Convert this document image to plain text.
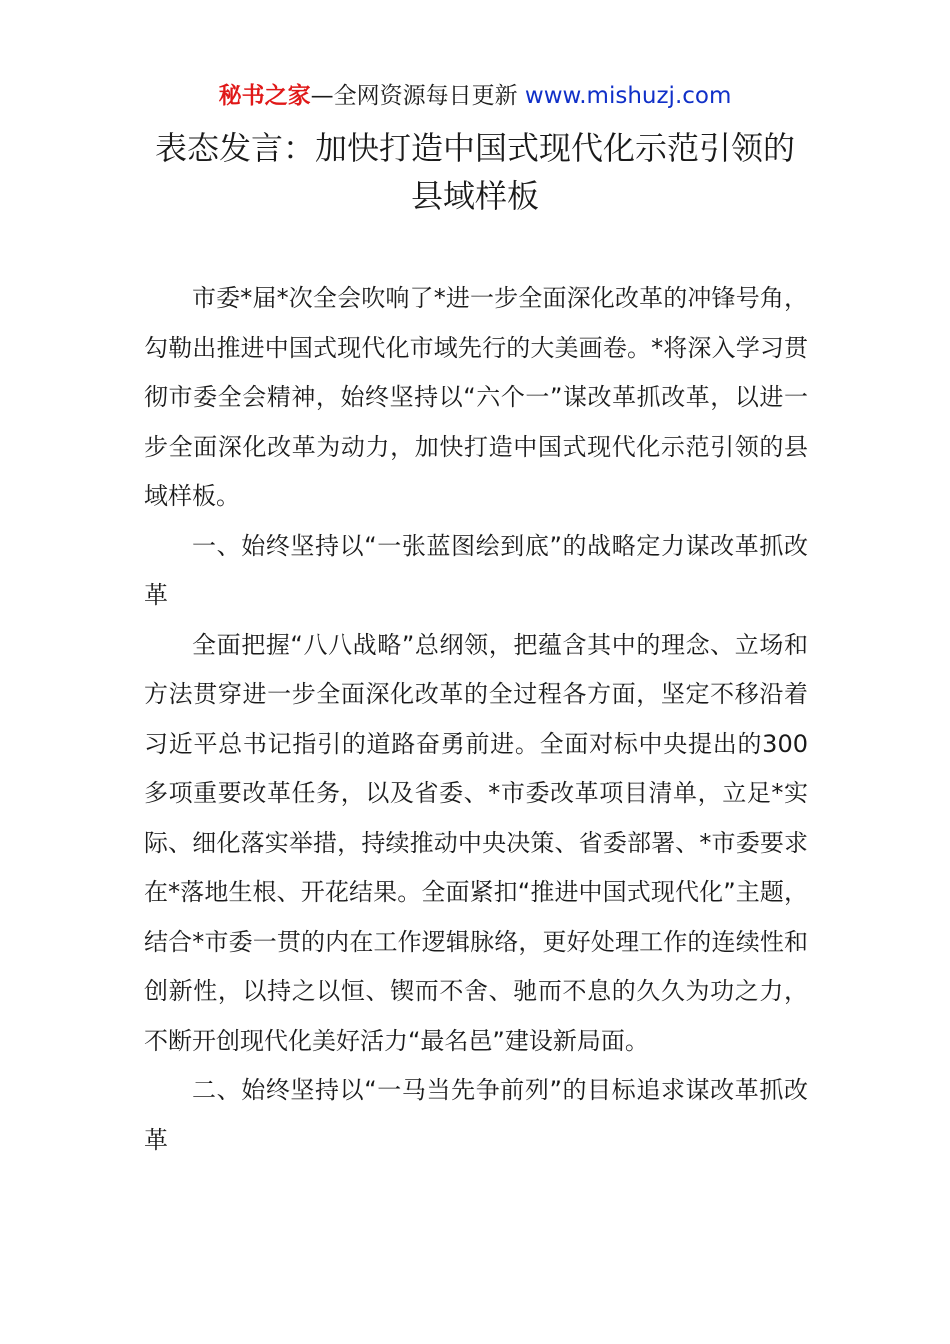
秘书之家—全网资源每日更新 www.mishuzj.com
表态发言：加快打造中国式现代化示范引领的县域样板

市委*届*次全会吹响了*进一步全面深化改革的冲锋号角，勾勒出推进中国式现代化市域先行的大美画卷。*将深入学习贯彻市委全会精神，始终坚持以“六个一”谋改革抓改革，以进一步全面深化改革为动力，加快打造中国式现代化示范引领的县域样板。

一、始终坚持以“一张蓝图绘到底”的战略定力谋改革抓改革

全面把握“八八战略”总纲领，把蕴含其中的理念、立场和方法贯穿进一步全面深化改革的全过程各方面，坚定不移沿着习近平总书记指引的道路奋勇前进。全面对标中央提出的300多项重要改革任务，以及省委、*市委改革项目清单，立足*实际、细化落实举措，持续推动中央决策、省委部署、*市委要求在*落地生根、开花结果。全面紧扣“推进中国式现代化”主题，结合*市委一贯的内在工作逻辑脉络，更好处理工作的连续性和创新性，以持之以恒、锲而不舍、驰而不息的久久为功之力，不断开创现代化美好活力“最名邑”建设新局面。

二、始终坚持以“一马当先争前列”的目标追求谋改革抓改革
